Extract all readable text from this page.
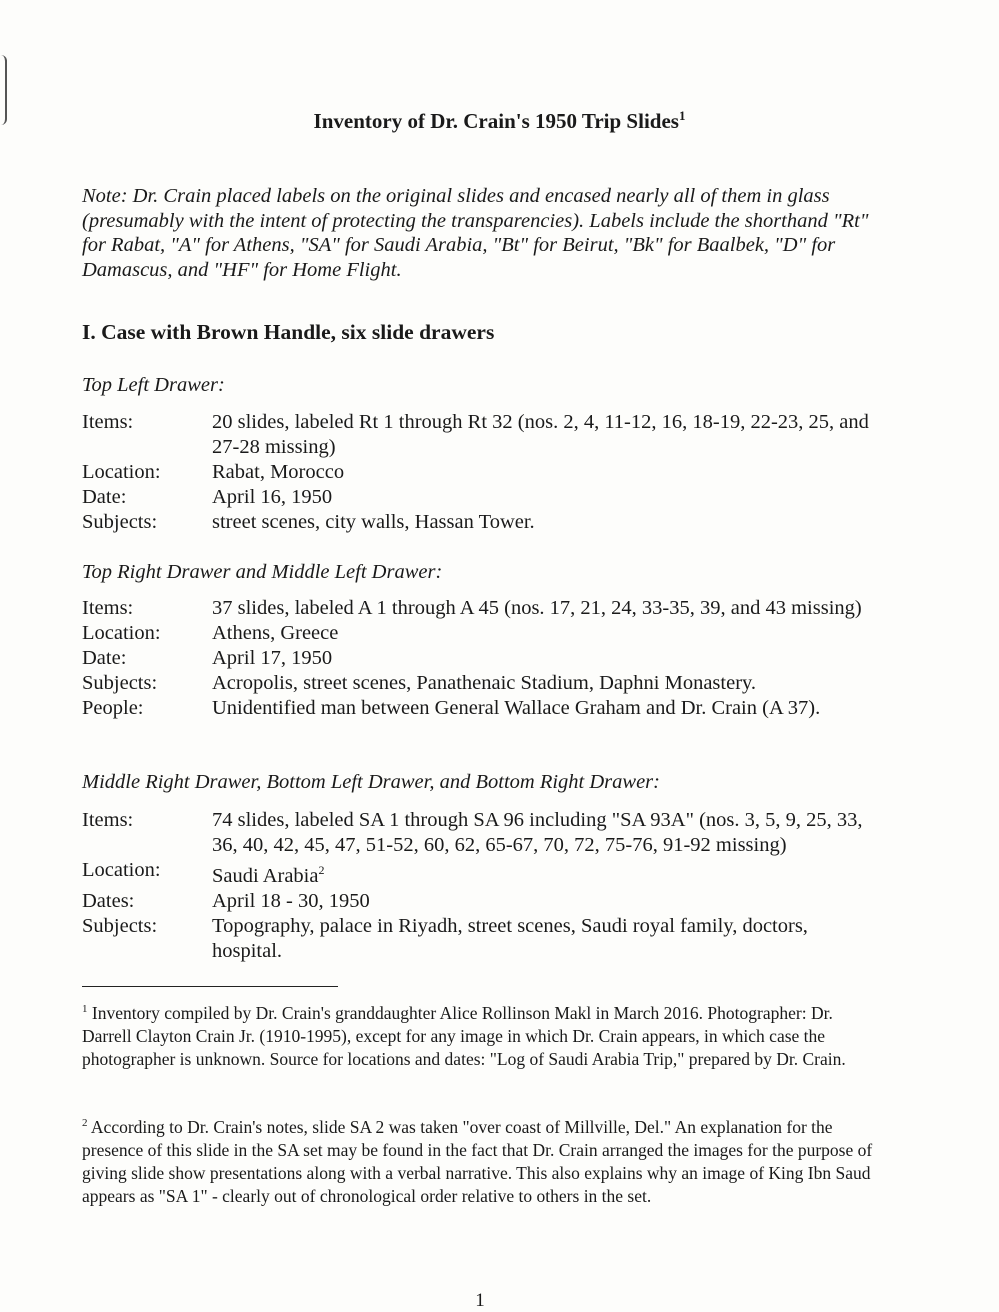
Inventory of Dr. Crain's 1950 Trip Slides$^1$
Note: Dr. Crain placed labels on the original slides and encased nearly all of them in glass (presumably with the intent of protecting the transparencies). Labels include the shorthand "Rt" for Rabat, "A" for Athens, "SA" for Saudi Arabia, "Bt" for Beirut, "Bk" for Baalbek, "D" for Damascus, and "HF" for Home Flight.
I. Case with Brown Handle, six slide drawers
Top Left Drawer:
Items:	20 slides, labeled Rt 1 through Rt 32 (nos. 2, 4, 11-12, 16, 18-19, 22-23, 25, and 27-28 missing)
Location:	Rabat, Morocco
Date:	April 16, 1950
Subjects:	street scenes, city walls, Hassan Tower.
Top Right Drawer and Middle Left Drawer:
Items:	37 slides, labeled A 1 through A 45 (nos. 17, 21, 24, 33-35, 39, and 43 missing)
Location:	Athens, Greece
Date:	April 17, 1950
Subjects:	Acropolis, street scenes, Panathenaic Stadium, Daphni Monastery.
People:	Unidentified man between General Wallace Graham and Dr. Crain (A 37).
Middle Right Drawer, Bottom Left Drawer, and Bottom Right Drawer:
Items:	74 slides, labeled SA 1 through SA 96 including "SA 93A" (nos. 3, 5, 9, 25, 33, 36, 40, 42, 45, 47, 51-52, 60, 62, 65-67, 70, 72, 75-76, 91-92 missing)
Location:	Saudi Arabia$^2$
Dates:	April 18 - 30, 1950
Subjects:	Topography, palace in Riyadh, street scenes, Saudi royal family, doctors, hospital.
$^1$ Inventory compiled by Dr. Crain's granddaughter Alice Rollinson Makl in March 2016. Photographer: Dr. Darrell Clayton Crain Jr. (1910-1995), except for any image in which Dr. Crain appears, in which case the photographer is unknown. Source for locations and dates: "Log of Saudi Arabia Trip," prepared by Dr. Crain.
$^2$ According to Dr. Crain's notes, slide SA 2 was taken "over coast of Millville, Del." An explanation for the presence of this slide in the SA set may be found in the fact that Dr. Crain arranged the images for the purpose of giving slide show presentations along with a verbal narrative. This also explains why an image of King Ibn Saud appears as "SA 1" - clearly out of chronological order relative to others in the set.
1
